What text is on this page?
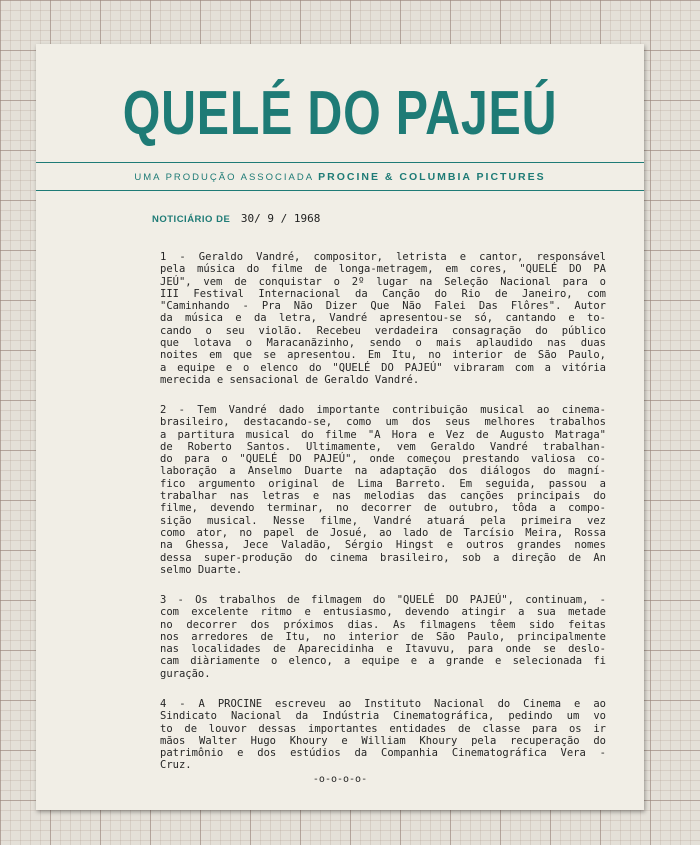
QUELÉ DO PAJEÚ
UMA PRODUÇÃO ASSOCIADA PROCINE & COLUMBIA PICTURES
NOTICIÁRIO DE 30/ 9 / 1968
1 - Geraldo Vandré, compositor, letrista e cantor, responsável
pela música do filme de longa-metragem, em cores, "QUELÉ DO PA
JEÚ", vem de conquistar o 2º lugar na Seleção Nacional para o
III Festival Internacional da Canção do Rio de Janeiro, com
"Caminhando - Pra Não Dizer Que Não Falei Das Flôres". Autor
da música e da letra, Vandré apresentou-se só, cantando e to-
cando o seu violão. Recebeu verdadeira consagração do público
que lotava o Maracanãzinho, sendo o mais aplaudido nas duas
noites em que se apresentou. Em Itu, no interior de São Paulo,
a equipe e o elenco do "QUELÉ DO PAJEÚ" vibraram com a vitória
merecida e sensacional de Geraldo Vandré.
2 - Tem Vandré dado importante contribuição musical ao cinema-
brasileiro, destacando-se, como um dos seus melhores trabalhos
a partitura musical do filme "A Hora e Vez de Augusto Matraga"
de Roberto Santos. Ultimamente, vem Geraldo Vandré trabalhan-
do para o "QUELÉ DO PAJEÚ", onde começou prestando valiosa co-
laboração a Anselmo Duarte na adaptação dos diálogos do magní-
fico argumento original de Lima Barreto. Em seguida, passou a
trabalhar nas letras e nas melodias das canções principais do
filme, devendo terminar, no decorrer de outubro, tôda a compo-
sição musical. Nesse filme, Vandré atuará pela primeira vez
como ator, no papel de Josué, ao lado de Tarcísio Meira, Rossa
na Ghessa, Jece Valadão, Sérgio Hingst e outros grandes nomes
dessa super-produção do cinema brasileiro, sob a direção de An
selmo Duarte.
3 - Os trabalhos de filmagem do "QUELÉ DO PAJEÚ", continuam, -
com excelente ritmo e entusiasmo, devendo atingir a sua metade
no decorrer dos próximos dias. As filmagens têem sido feitas
nos arredores de Itu, no interior de São Paulo, principalmente
nas localidades de Aparecidinha e Itavuvu, para onde se deslo-
cam diàriamente o elenco, a equipe e a grande e selecionada fi
guração.
4 - A PROCINE escreveu ao Instituto Nacional do Cinema e ao
Sindicato Nacional da Indústria Cinematográfica, pedindo um vo
to de louvor dessas importantes entidades de classe para os ir
mãos Walter Hugo Khoury e William Khoury pela recuperação do
patrimônio e dos estúdios da Companhia Cinematográfica Vera -
Cruz.
-o-o-o-o-
